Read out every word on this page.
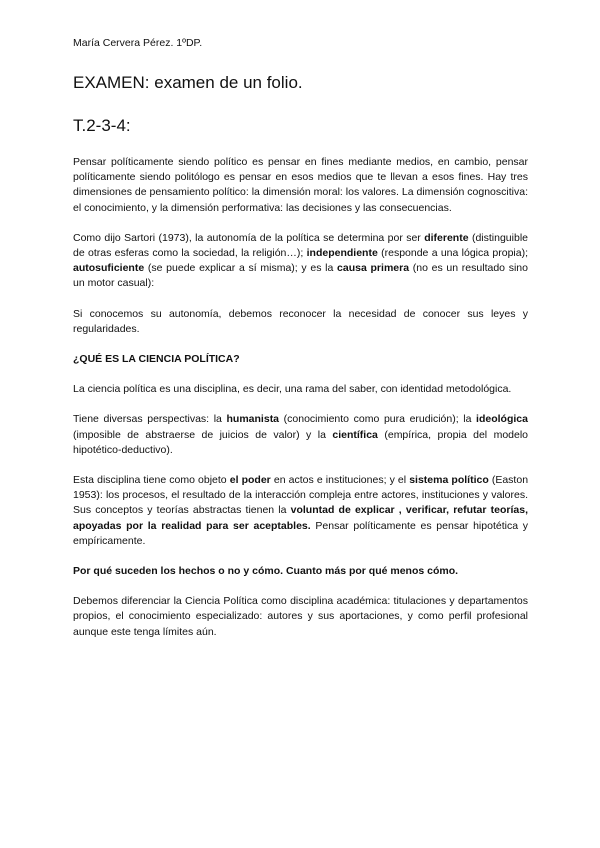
María Cervera Pérez. 1ºDP.
EXAMEN: examen de un folio.
T.2-3-4:

Pensar políticamente siendo político es pensar en fines mediante medios, en cambio, pensar políticamente siendo politólogo es pensar en esos medios que te llevan a esos fines. Hay tres dimensiones de pensamiento político: la dimensión moral: los valores. La dimensión cognoscitiva: el conocimiento, y la dimensión performativa: las decisiones y las consecuencias.

Como dijo Sartori (1973), la autonomía de la política se determina por ser diferente (distinguible de otras esferas como la sociedad, la religión…); independiente (responde a una lógica propia); autosuficiente (se puede explicar a sí misma); y es la causa primera (no es un resultado sino un motor casual):

Si conocemos su autonomía, debemos reconocer la necesidad de conocer sus leyes y regularidades.

¿QUÉ ES LA CIENCIA POLÍTICA?

La ciencia política es una disciplina, es decir, una rama del saber, con identidad metodológica.

Tiene diversas perspectivas: la humanista (conocimiento como pura erudición); la ideológica (imposible de abstraerse de juicios de valor) y la científica (empírica, propia del modelo hipotético-deductivo).

Esta disciplina tiene como objeto el poder en actos e instituciones; y el sistema político (Easton 1953): los procesos, el resultado de la interacción compleja entre actores, instituciones y valores. Sus conceptos y teorías abstractas tienen la voluntad de explicar , verificar, refutar teorías, apoyadas por la realidad para ser aceptables. Pensar políticamente es pensar hipotética y empíricamente.

Por qué suceden los hechos o no y cómo. Cuanto más por qué menos cómo.

Debemos diferenciar la Ciencia Política como disciplina académica: titulaciones y departamentos propios, el conocimiento especializado: autores y sus aportaciones, y como perfil profesional aunque este tenga límites aún.
